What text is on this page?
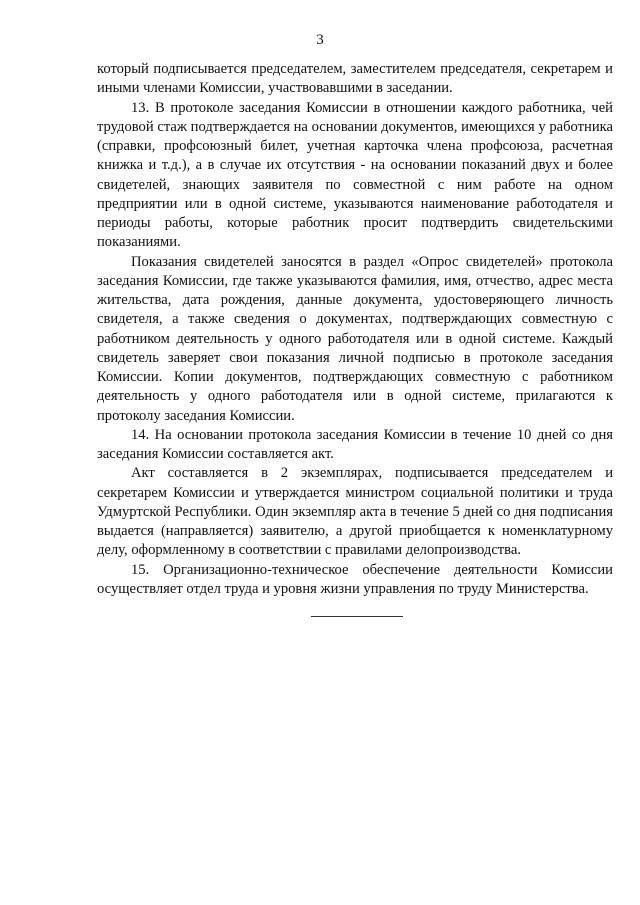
3

который подписывается председателем, заместителем председателя, секретарем и иными членами Комиссии, участвовавшими в заседании.

13. В протоколе заседания Комиссии в отношении каждого работника, чей трудовой стаж подтверждается на основании документов, имеющихся у работника (справки, профсоюзный билет, учетная карточка члена профсоюза, расчетная книжка и т.д.), а в случае их отсутствия - на основании показаний двух и более свидетелей, знающих заявителя по совместной с ним работе на одном предприятии или в одной системе, указываются наименование работодателя и периоды работы, которые работник просит подтвердить свидетельскими показаниями.

Показания свидетелей заносятся в раздел «Опрос свидетелей» протокола заседания Комиссии, где также указываются фамилия, имя, отчество, адрес места жительства, дата рождения, данные документа, удостоверяющего личность свидетеля, а также сведения о документах, подтверждающих совместную с работником деятельность у одного работодателя или в одной системе. Каждый свидетель заверяет свои показания личной подписью в протоколе заседания Комиссии. Копии документов, подтверждающих совместную с работником деятельность у одного работодателя или в одной системе, прилагаются к протоколу заседания Комиссии.

14. На основании протокола заседания Комиссии в течение 10 дней со дня заседания Комиссии составляется акт.

Акт составляется в 2 экземплярах, подписывается председателем и секретарем Комиссии и утверждается министром социальной политики и труда Удмуртской Республики. Один экземпляр акта в течение 5 дней со дня подписания выдается (направляется) заявителю, а другой приобщается к номенклатурному делу, оформленному в соответствии с правилами делопроизводства.

15. Организационно-техническое обеспечение деятельности Комиссии осуществляет отдел труда и уровня жизни управления по труду Министерства.
